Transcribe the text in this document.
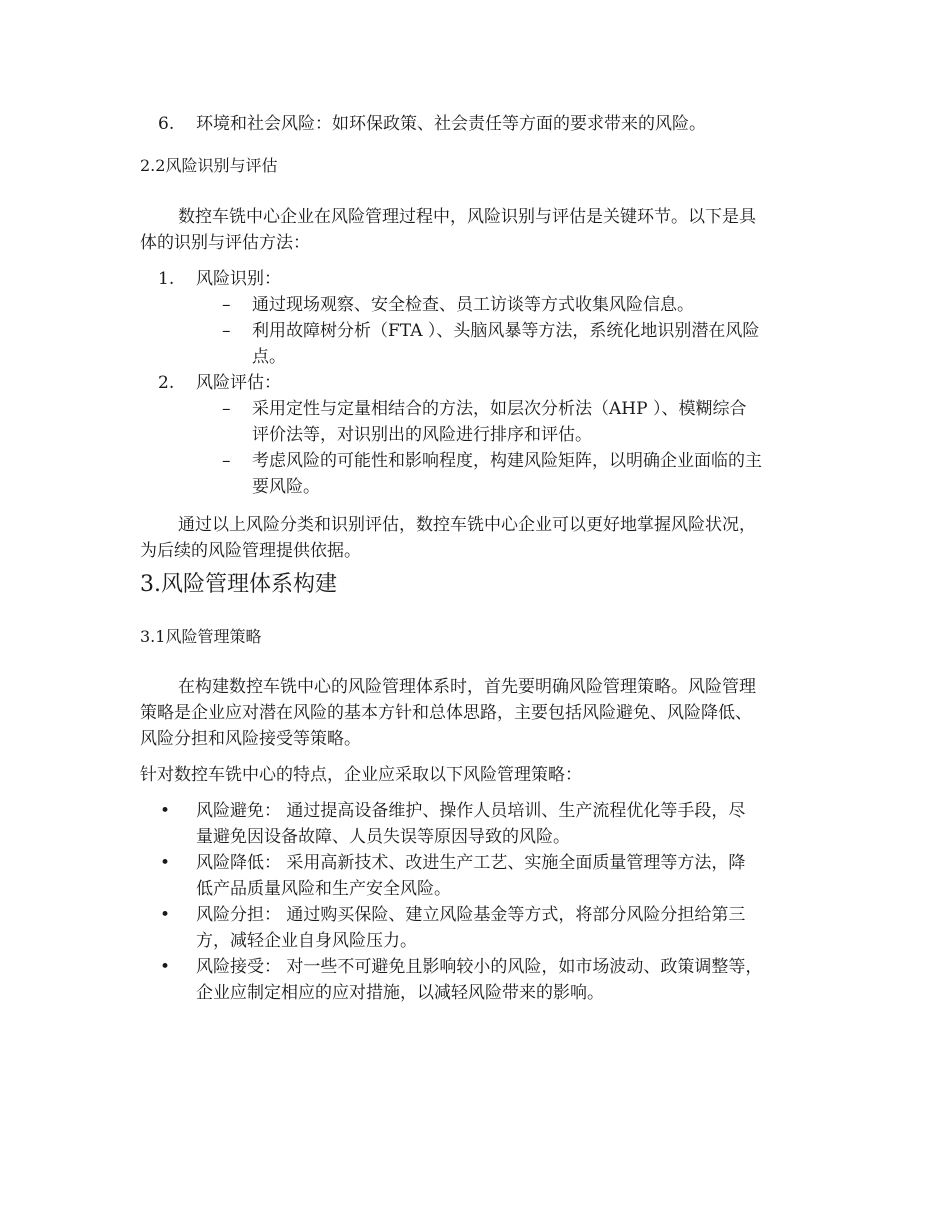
6. 环境和社会风险：如环保政策、社会责任等方面的要求带来的风险。
2.2风险识别与评估
数控车铣中心企业在风险管理过程中，风险识别与评估是关键环节。以下是具
体的识别与评估方法：
1. 风险识别：
– 通过现场观察、安全检查、员工访谈等方式收集风险信息。
– 利用故障树分析（FTA ）、头脑风暴等方法，系统化地识别潜在风险
点。
2. 风险评估：
– 采用定性与定量相结合的方法，如层次分析法（AHP ）、模糊综合
评价法等，对识别出的风险进行排序和评估。
– 考虑风险的可能性和影响程度，构建风险矩阵，以明确企业面临的主
要风险。
通过以上风险分类和识别评估，数控车铣中心企业可以更好地掌握风险状况，
为后续的风险管理提供依据。
3.风险管理体系构建
3.1风险管理策略
在构建数控车铣中心的风险管理体系时，首先要明确风险管理策略。风险管理
策略是企业应对潜在风险的基本方针和总体思路，主要包括风险避免、风险降低、
风险分担和风险接受等策略。
针对数控车铣中心的特点，企业应采取以下风险管理策略：
• 风险避免： 通过提高设备维护、操作人员培训、生产流程优化等手段，尽
量避免因设备故障、人员失误等原因导致的风险。
• 风险降低： 采用高新技术、改进生产工艺、实施全面质量管理等方法，降
低产品质量风险和生产安全风险。
• 风险分担： 通过购买保险、建立风险基金等方式，将部分风险分担给第三
方，减轻企业自身风险压力。
• 风险接受： 对一些不可避免且影响较小的风险，如市场波动、政策调整等，
企业应制定相应的应对措施，以减轻风险带来的影响。
